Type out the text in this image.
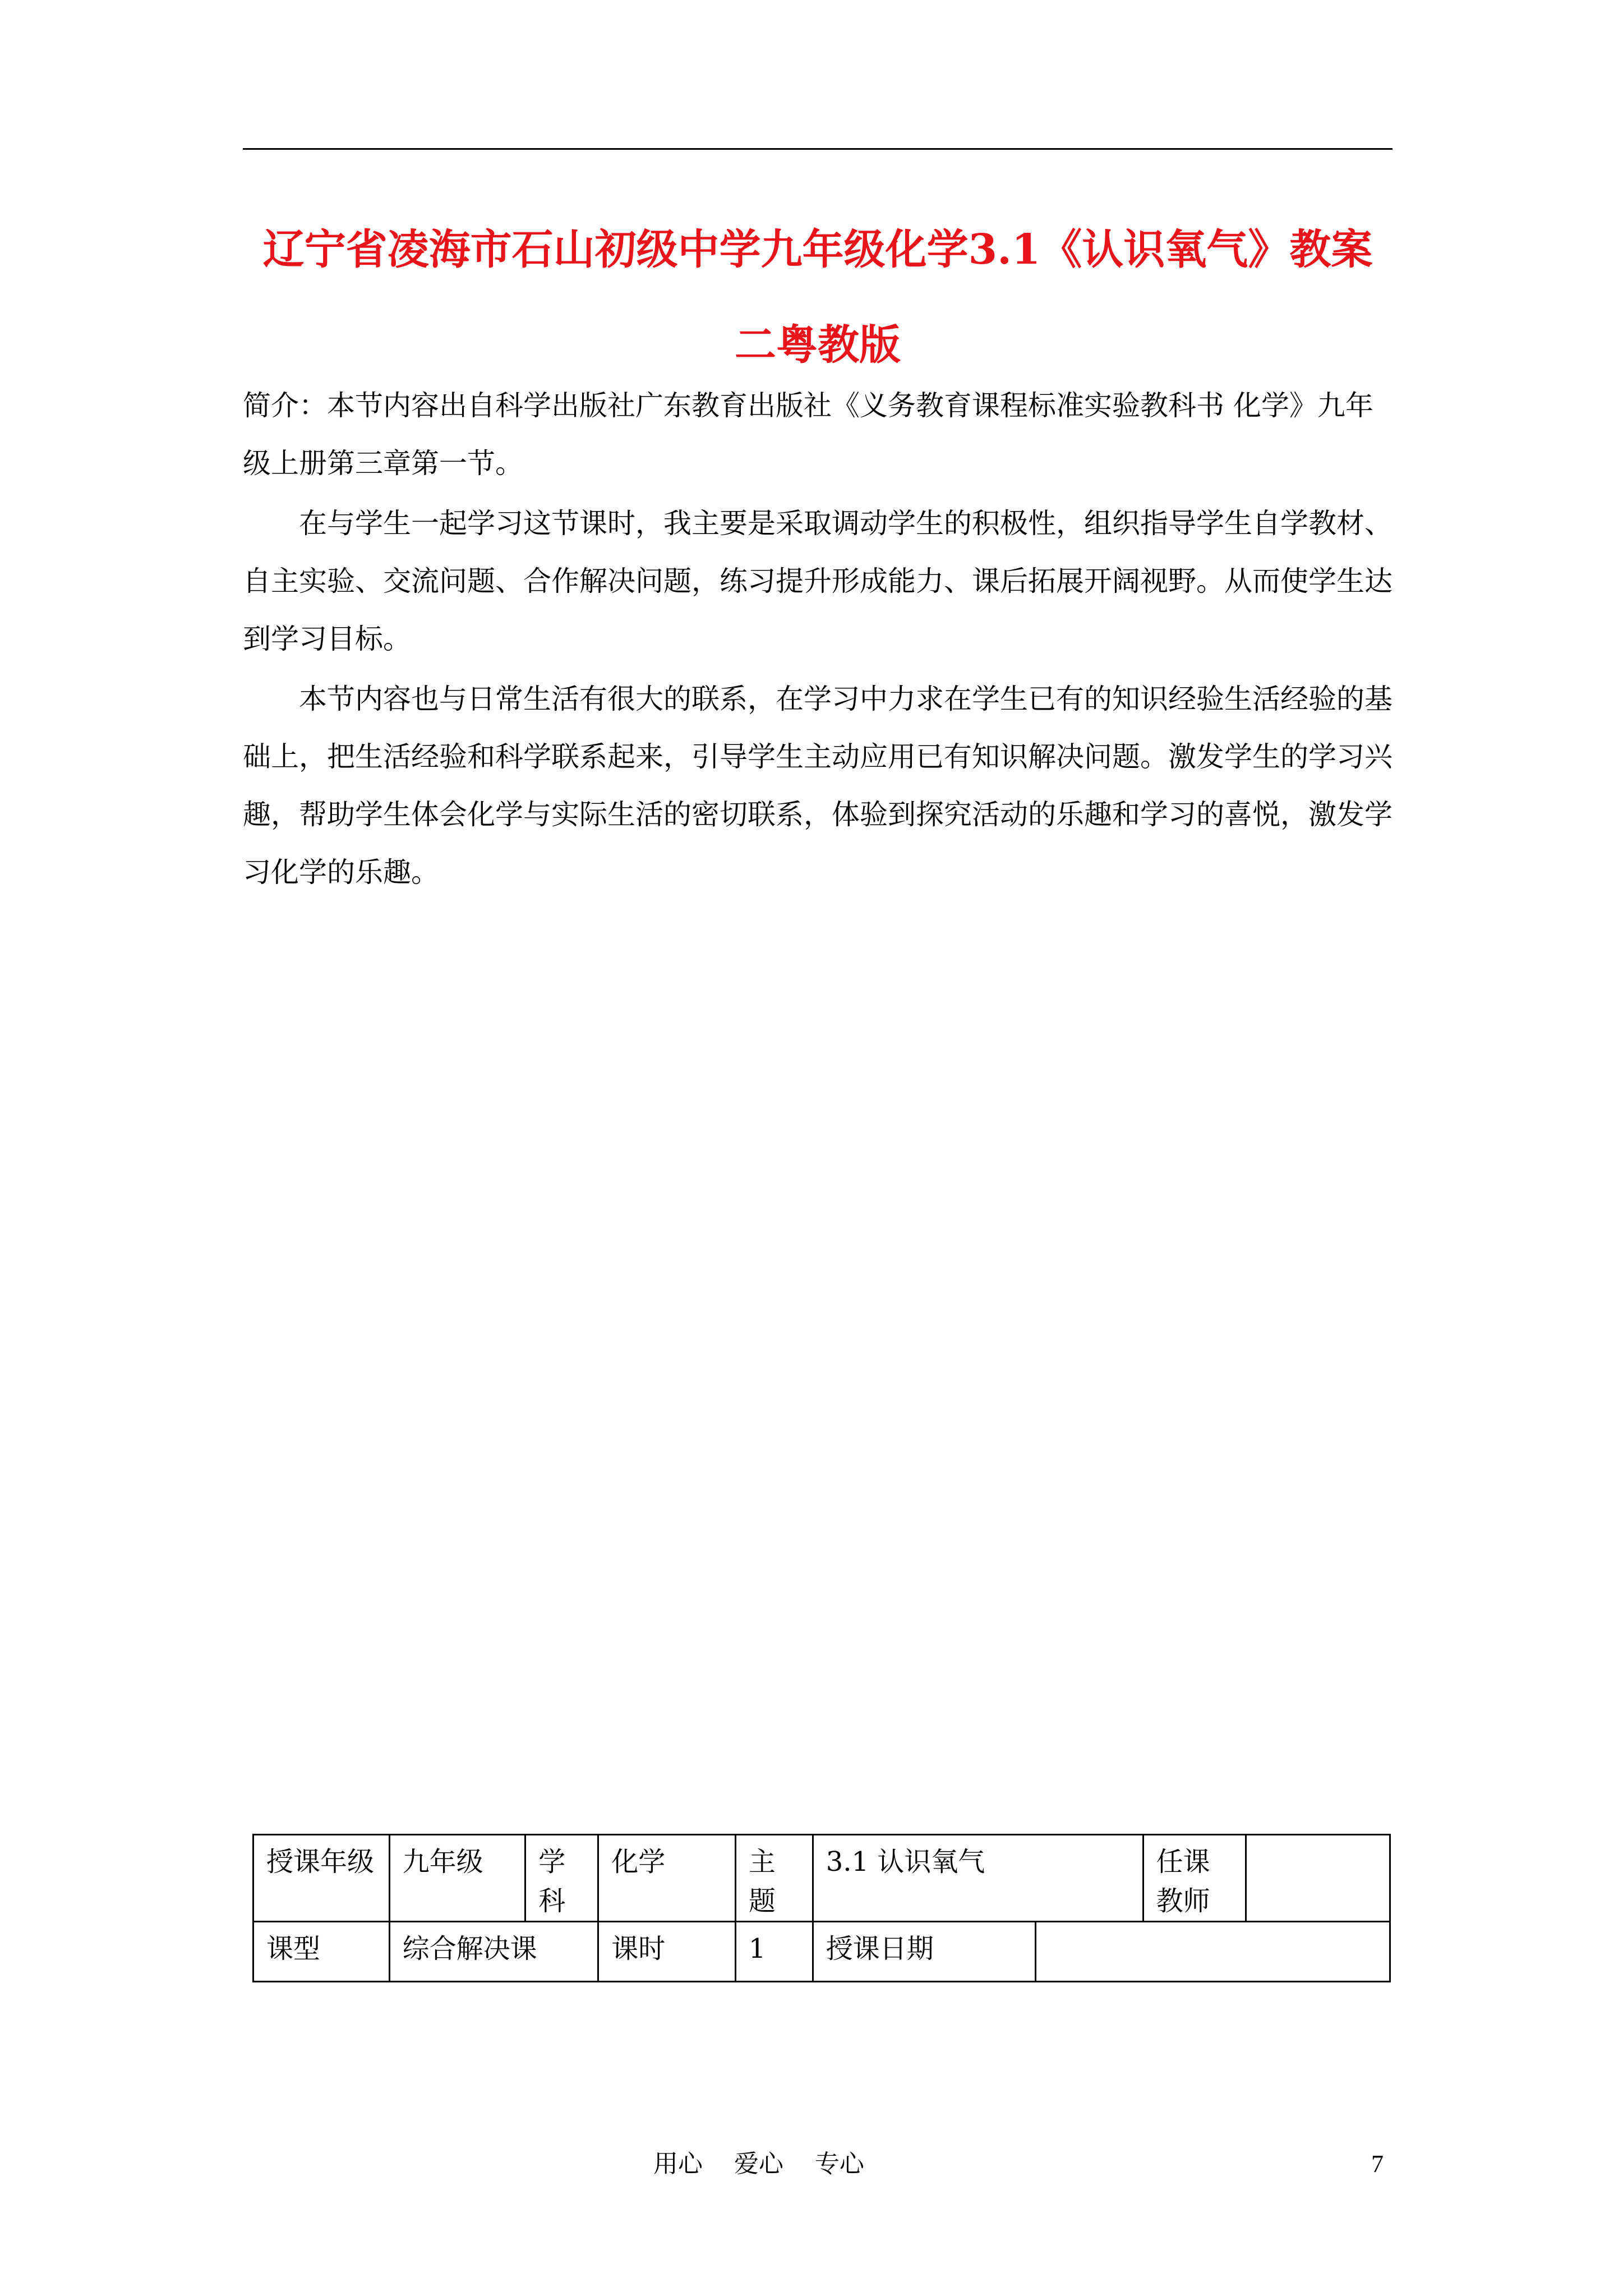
辽宁省凌海市石山初级中学九年级化学3.1《认识氧气》教案二粤教版

简介：本节内容出自科学出版社广东教育出版社《义务教育课程标准实验教科书 化学》九年级上册第三章第一节。

在与学生一起学习这节课时，我主要是采取调动学生的积极性，组织指导学生自学教材、自主实验、交流问题、合作解决问题，练习提升形成能力、课后拓展开阔视野。从而使学生达到学习目标。

本节内容也与日常生活有很大的联系，在学习中力求在学生已有的知识经验生活经验的基础上，把生活经验和科学联系起来，引导学生主动应用已有知识解决问题。激发学生的学习兴趣，帮助学生体会化学与实际生活的密切联系，体验到探究活动的乐趣和学习的喜悦，激发学习化学的乐趣。

授课年级	九年级	学科	化学	主题	3.1 认识氧气		任课教师	
课型	综合解决课		课时	1	授课日期			
用心    爱心    专心	7
